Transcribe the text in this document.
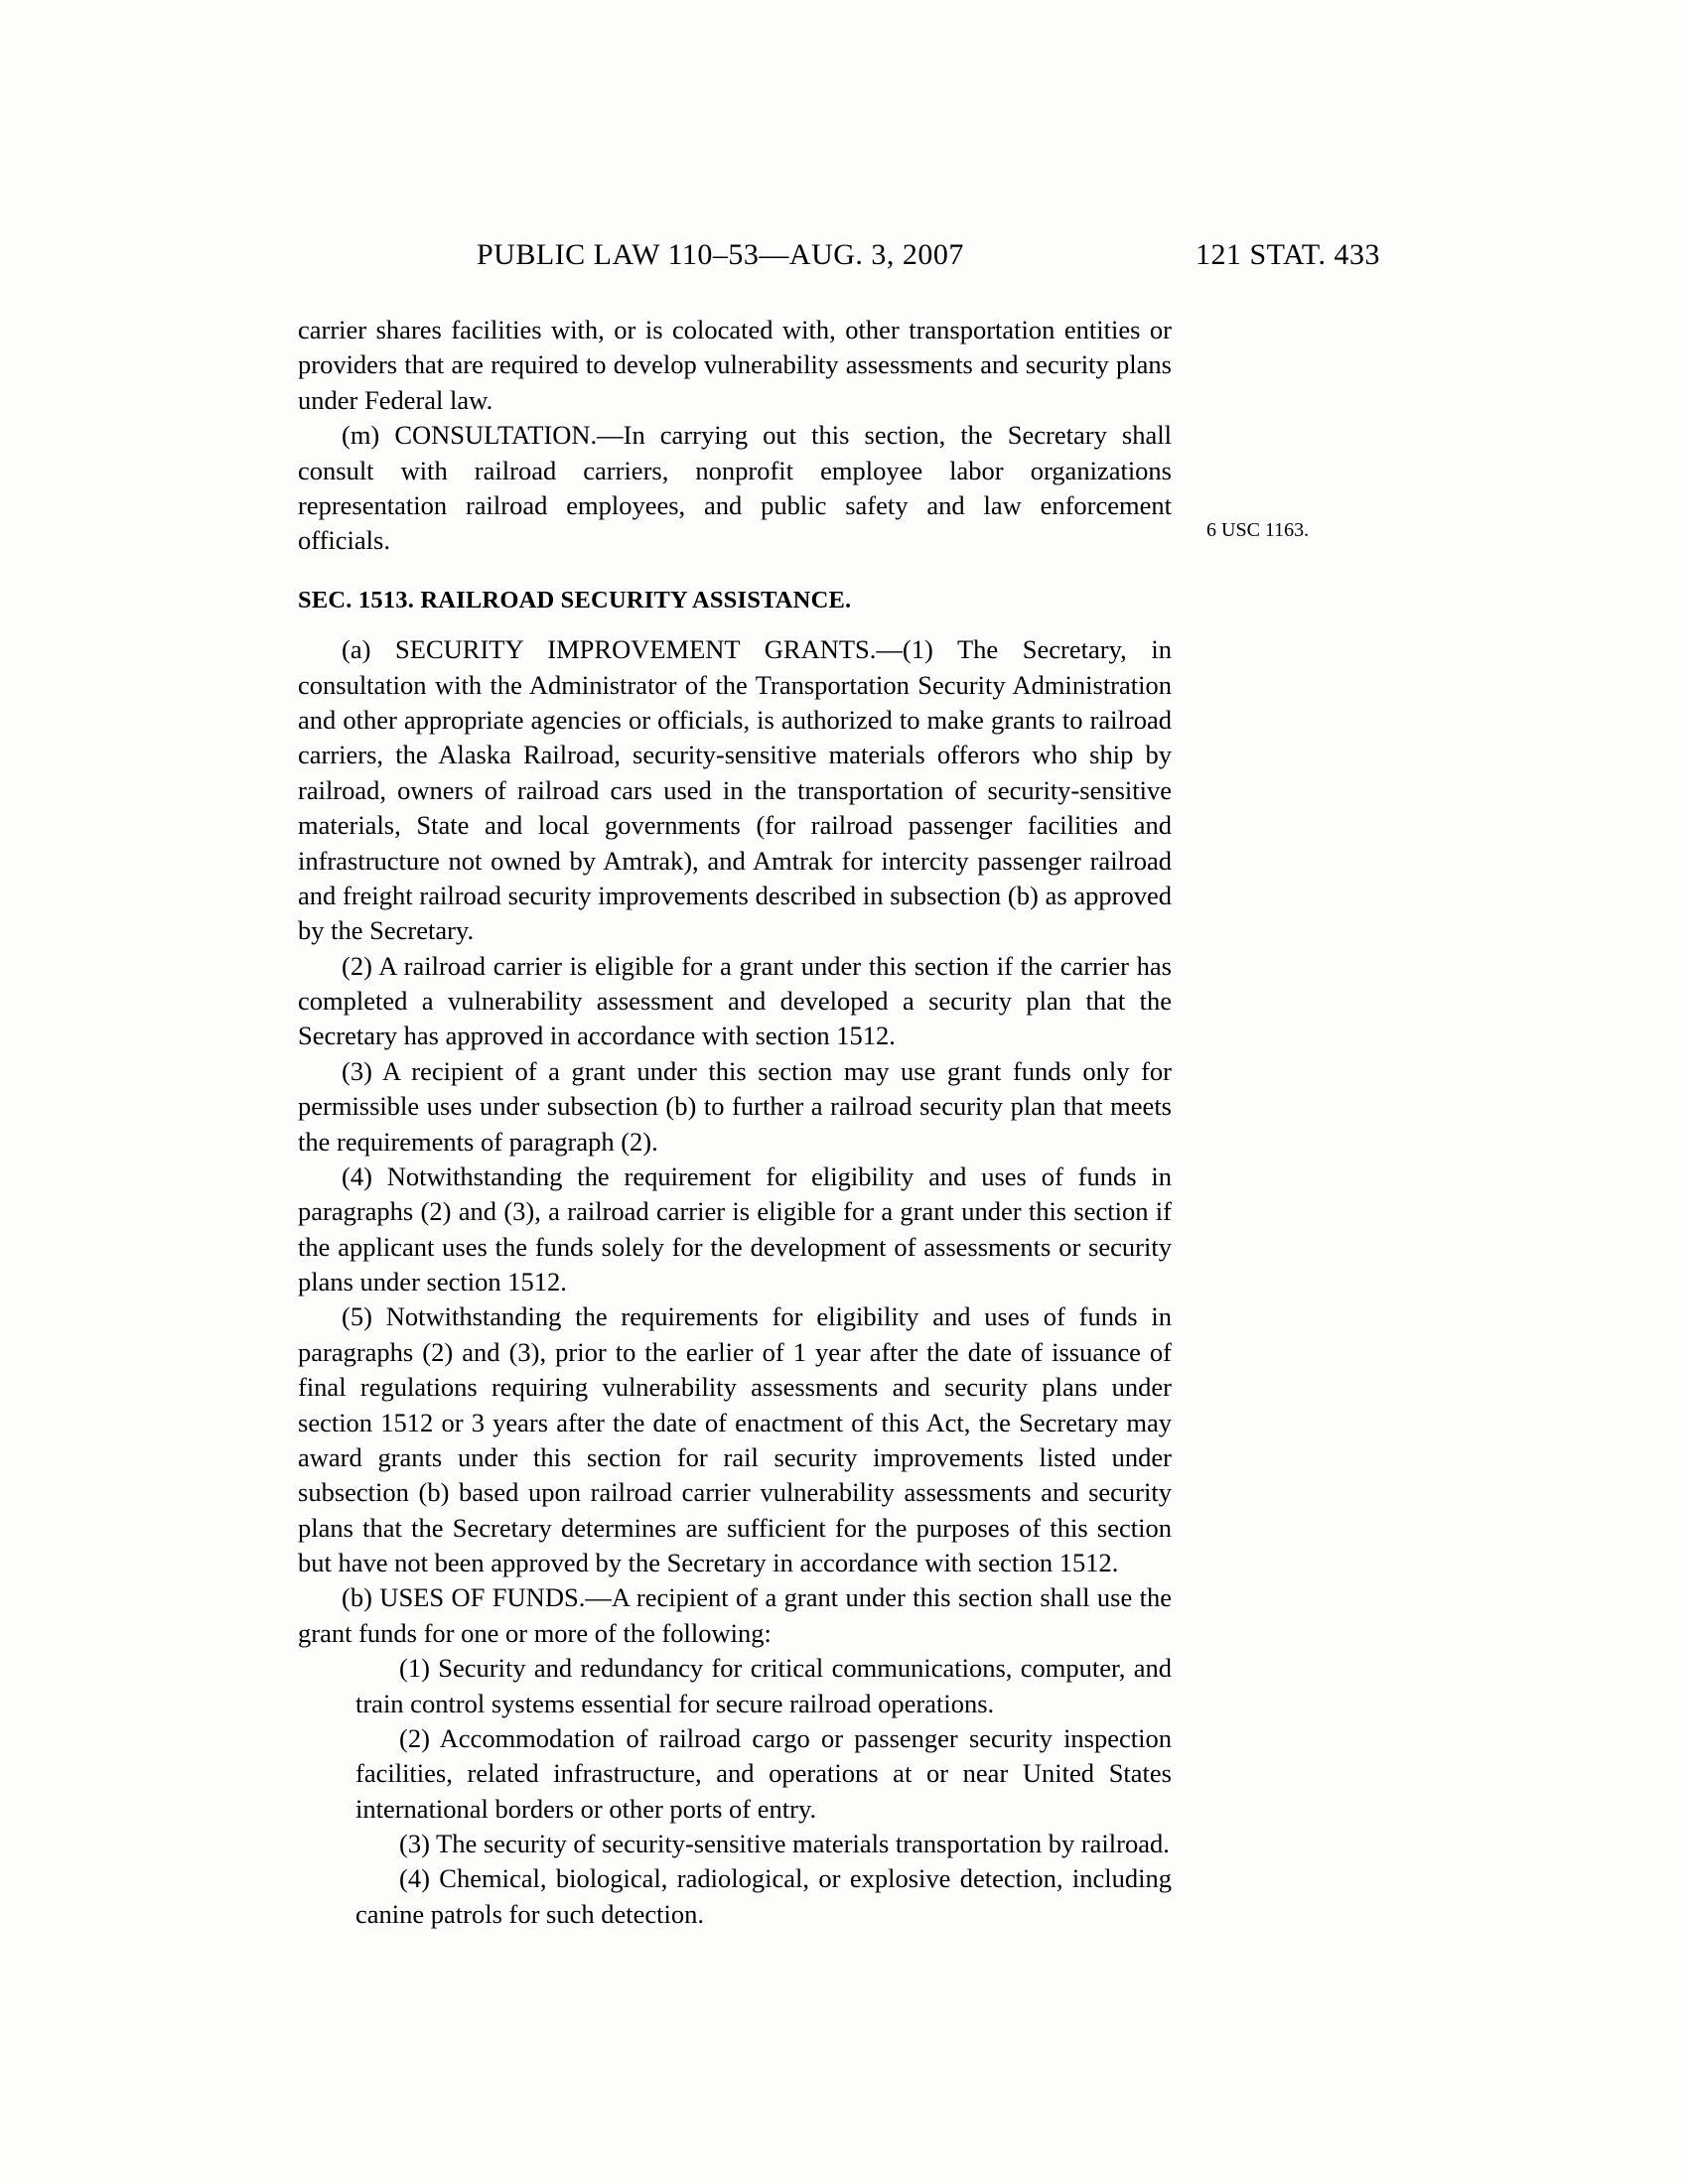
PUBLIC LAW 110–53—AUG. 3, 2007	121 STAT. 433
6 USC 1163.

carrier shares facilities with, or is colocated with, other transportation entities or providers that are required to develop vulnerability assessments and security plans under Federal law.

(m) CONSULTATION.—In carrying out this section, the Secretary shall consult with railroad carriers, nonprofit employee labor organizations representation railroad employees, and public safety and law enforcement officials.

SEC. 1513. RAILROAD SECURITY ASSISTANCE.

(a) SECURITY IMPROVEMENT GRANTS.—(1) The Secretary, in consultation with the Administrator of the Transportation Security Administration and other appropriate agencies or officials, is authorized to make grants to railroad carriers, the Alaska Railroad, security-sensitive materials offerors who ship by railroad, owners of railroad cars used in the transportation of security-sensitive materials, State and local governments (for railroad passenger facilities and infrastructure not owned by Amtrak), and Amtrak for intercity passenger railroad and freight railroad security improvements described in subsection (b) as approved by the Secretary.

(2) A railroad carrier is eligible for a grant under this section if the carrier has completed a vulnerability assessment and developed a security plan that the Secretary has approved in accordance with section 1512.

(3) A recipient of a grant under this section may use grant funds only for permissible uses under subsection (b) to further a railroad security plan that meets the requirements of paragraph (2).

(4) Notwithstanding the requirement for eligibility and uses of funds in paragraphs (2) and (3), a railroad carrier is eligible for a grant under this section if the applicant uses the funds solely for the development of assessments or security plans under section 1512.

(5) Notwithstanding the requirements for eligibility and uses of funds in paragraphs (2) and (3), prior to the earlier of 1 year after the date of issuance of final regulations requiring vulnerability assessments and security plans under section 1512 or 3 years after the date of enactment of this Act, the Secretary may award grants under this section for rail security improvements listed under subsection (b) based upon railroad carrier vulnerability assessments and security plans that the Secretary determines are sufficient for the purposes of this section but have not been approved by the Secretary in accordance with section 1512.

(b) USES OF FUNDS.—A recipient of a grant under this section shall use the grant funds for one or more of the following:

(1) Security and redundancy for critical communications, computer, and train control systems essential for secure railroad operations.

(2) Accommodation of railroad cargo or passenger security inspection facilities, related infrastructure, and operations at or near United States international borders or other ports of entry.

(3) The security of security-sensitive materials transportation by railroad.

(4) Chemical, biological, radiological, or explosive detection, including canine patrols for such detection.
